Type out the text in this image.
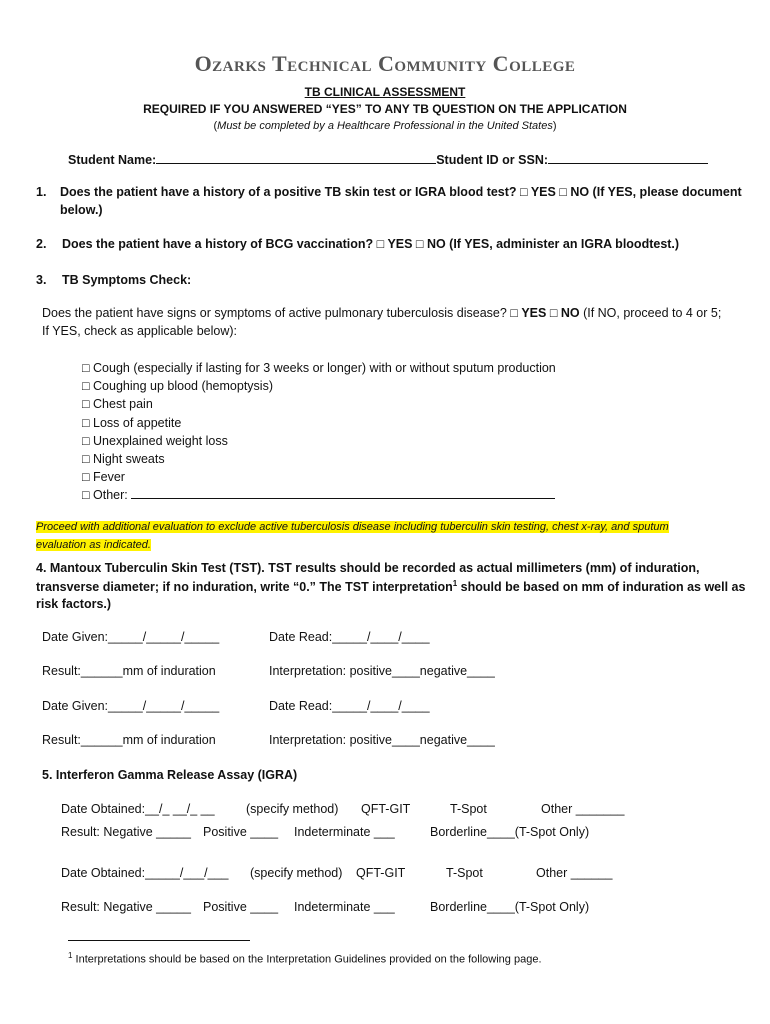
Ozarks Technical Community College
TB CLINICAL ASSESSMENT
REQUIRED IF YOU ANSWERED “YES” TO ANY TB QUESTION ON THE APPLICATION
(Must be completed by a Healthcare Professional in the United States)
Student Name:	Student ID or SSN:
1. Does the patient have a history of a positive TB skin test or IGRA blood test? □ YES □ NO (If YES, please document
below.)
2. Does the patient have a history of BCG vaccination? □ YES □ NO (If YES, administer an IGRA bloodtest.)
3. TB Symptoms Check:
Does the patient have signs or symptoms of active pulmonary tuberculosis disease? □ YES □ NO (If NO, proceed to 4 or 5;
If YES, check as applicable below):
□ Cough (especially if lasting for 3 weeks or longer) with or without sputum production
□ Coughing up blood (hemoptysis)
□ Chest pain
□ Loss of appetite
□ Unexplained weight loss
□ Night sweats
□ Fever
□ Other:
Proceed with additional evaluation to exclude active tuberculosis disease including tuberculin skin testing, chest x-ray, and sputum
evaluation as indicated.
4. Mantoux Tuberculin Skin Test (TST). TST results should be recorded as actual millimeters (mm) of induration,
transverse diameter; if no induration, write “0.” The TST interpretation$^1$ should be based on mm of induration as well as
risk factors.)
Date Given:_____/_____/_____	Date Read:_____/____/____
Result:______mm of induration	Interpretation: positive____negative____
Date Given:_____/_____/_____	Date Read:_____/____/____
Result:______mm of induration	Interpretation: positive____negative____
5. Interferon Gamma Release Assay (IGRA)
Date Obtained:__/_ __/_ __	(specify method) QFT-GIT	T-Spot	Other _______
Result: Negative _____ Positive ____ Indeterminate ___	Borderline____(T-Spot Only)
Date Obtained:_____/___/___ (specify method) QFT-GIT	T-Spot	Other ______
Result: Negative _____ Positive ____ Indeterminate ___	Borderline____(T-Spot Only)
$^1$ Interpretations should be based on the Interpretation Guidelines provided on the following page.
